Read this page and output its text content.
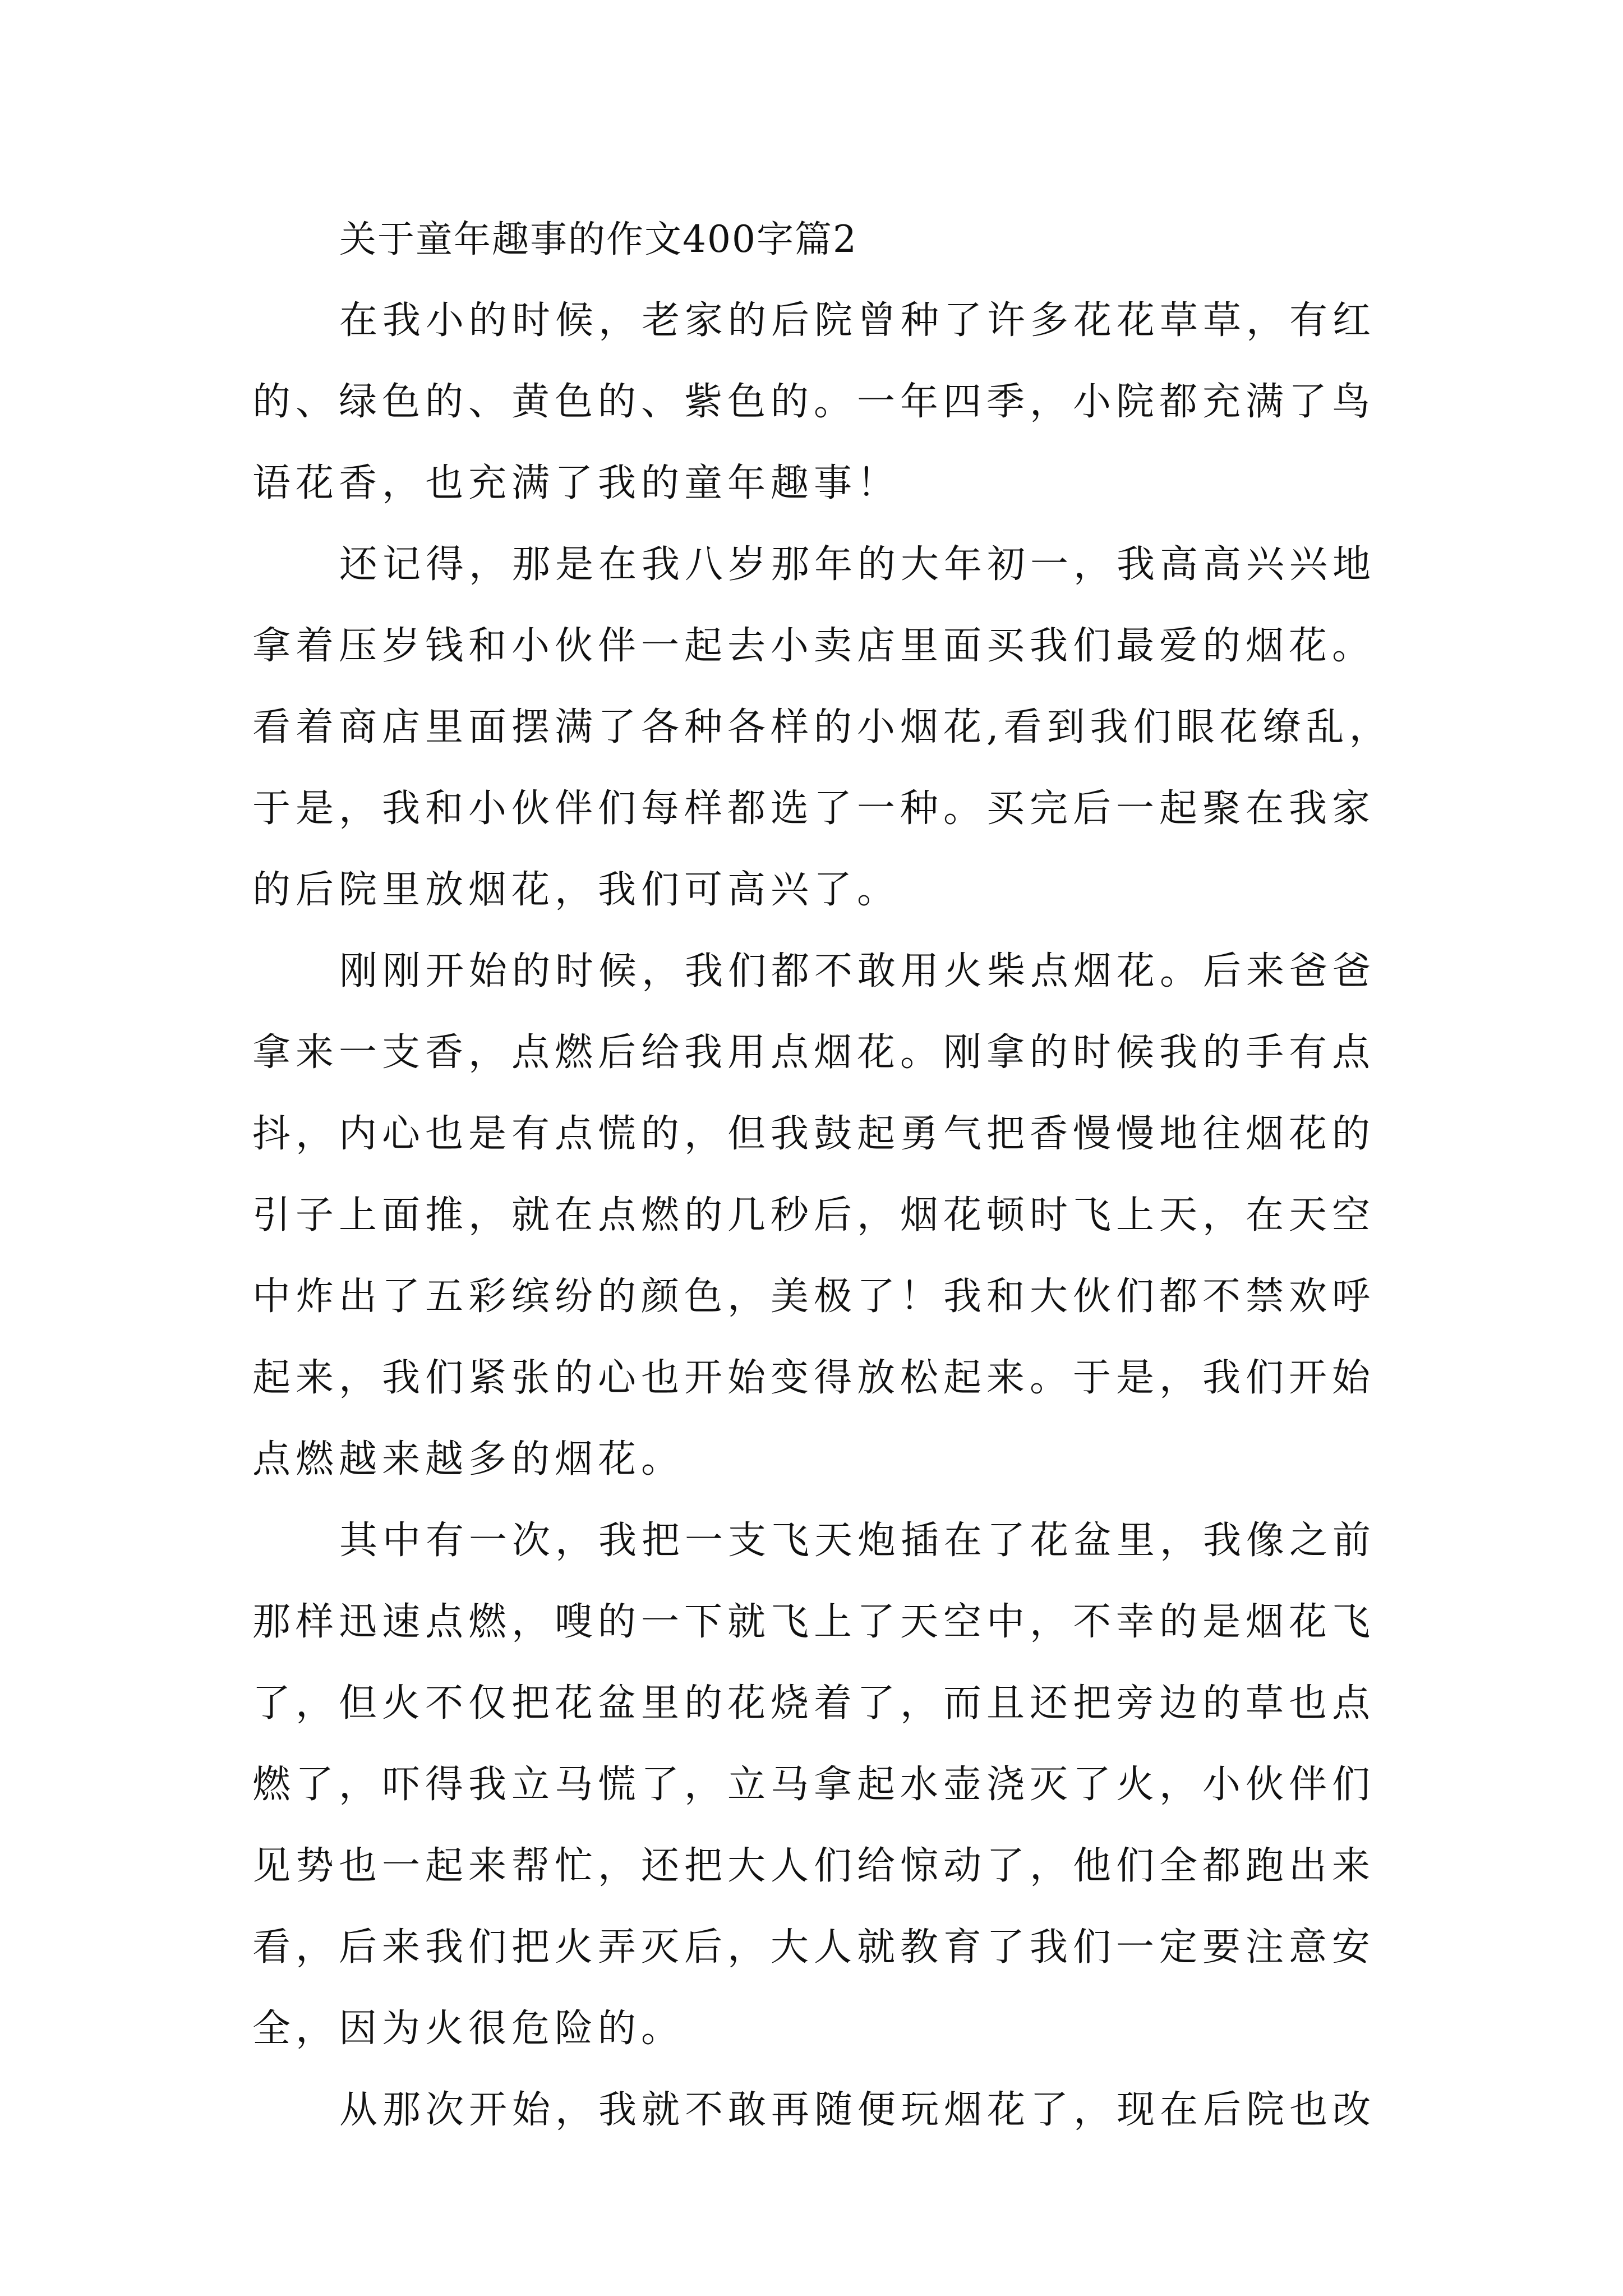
关于童年趣事的作文400字篇2
在我小的时候，老家的后院曾种了许多花花草草，有红
的、绿色的、黄色的、紫色的。一年四季，小院都充满了鸟
语花香，也充满了我的童年趣事！
还记得，那是在我八岁那年的大年初一，我高高兴兴地
拿着压岁钱和小伙伴一起去小卖店里面买我们最爱的烟花。
看着商店里面摆满了各种各样的小烟花,看到我们眼花缭乱，
于是，我和小伙伴们每样都选了一种。买完后一起聚在我家
的后院里放烟花，我们可高兴了。
刚刚开始的时候，我们都不敢用火柴点烟花。后来爸爸
拿来一支香，点燃后给我用点烟花。刚拿的时候我的手有点
抖，内心也是有点慌的，但我鼓起勇气把香慢慢地往烟花的
引子上面推，就在点燃的几秒后，烟花顿时飞上天，在天空
中炸出了五彩缤纷的颜色，美极了！我和大伙们都不禁欢呼
起来，我们紧张的心也开始变得放松起来。于是，我们开始
点燃越来越多的烟花。
其中有一次，我把一支飞天炮插在了花盆里，我像之前
那样迅速点燃，嗖的一下就飞上了天空中，不幸的是烟花飞
了，但火不仅把花盆里的花烧着了，而且还把旁边的草也点
燃了，吓得我立马慌了，立马拿起水壶浇灭了火，小伙伴们
见势也一起来帮忙，还把大人们给惊动了，他们全都跑出来
看，后来我们把火弄灭后，大人就教育了我们一定要注意安
全，因为火很危险的。
从那次开始，我就不敢再随便玩烟花了，现在后院也改
